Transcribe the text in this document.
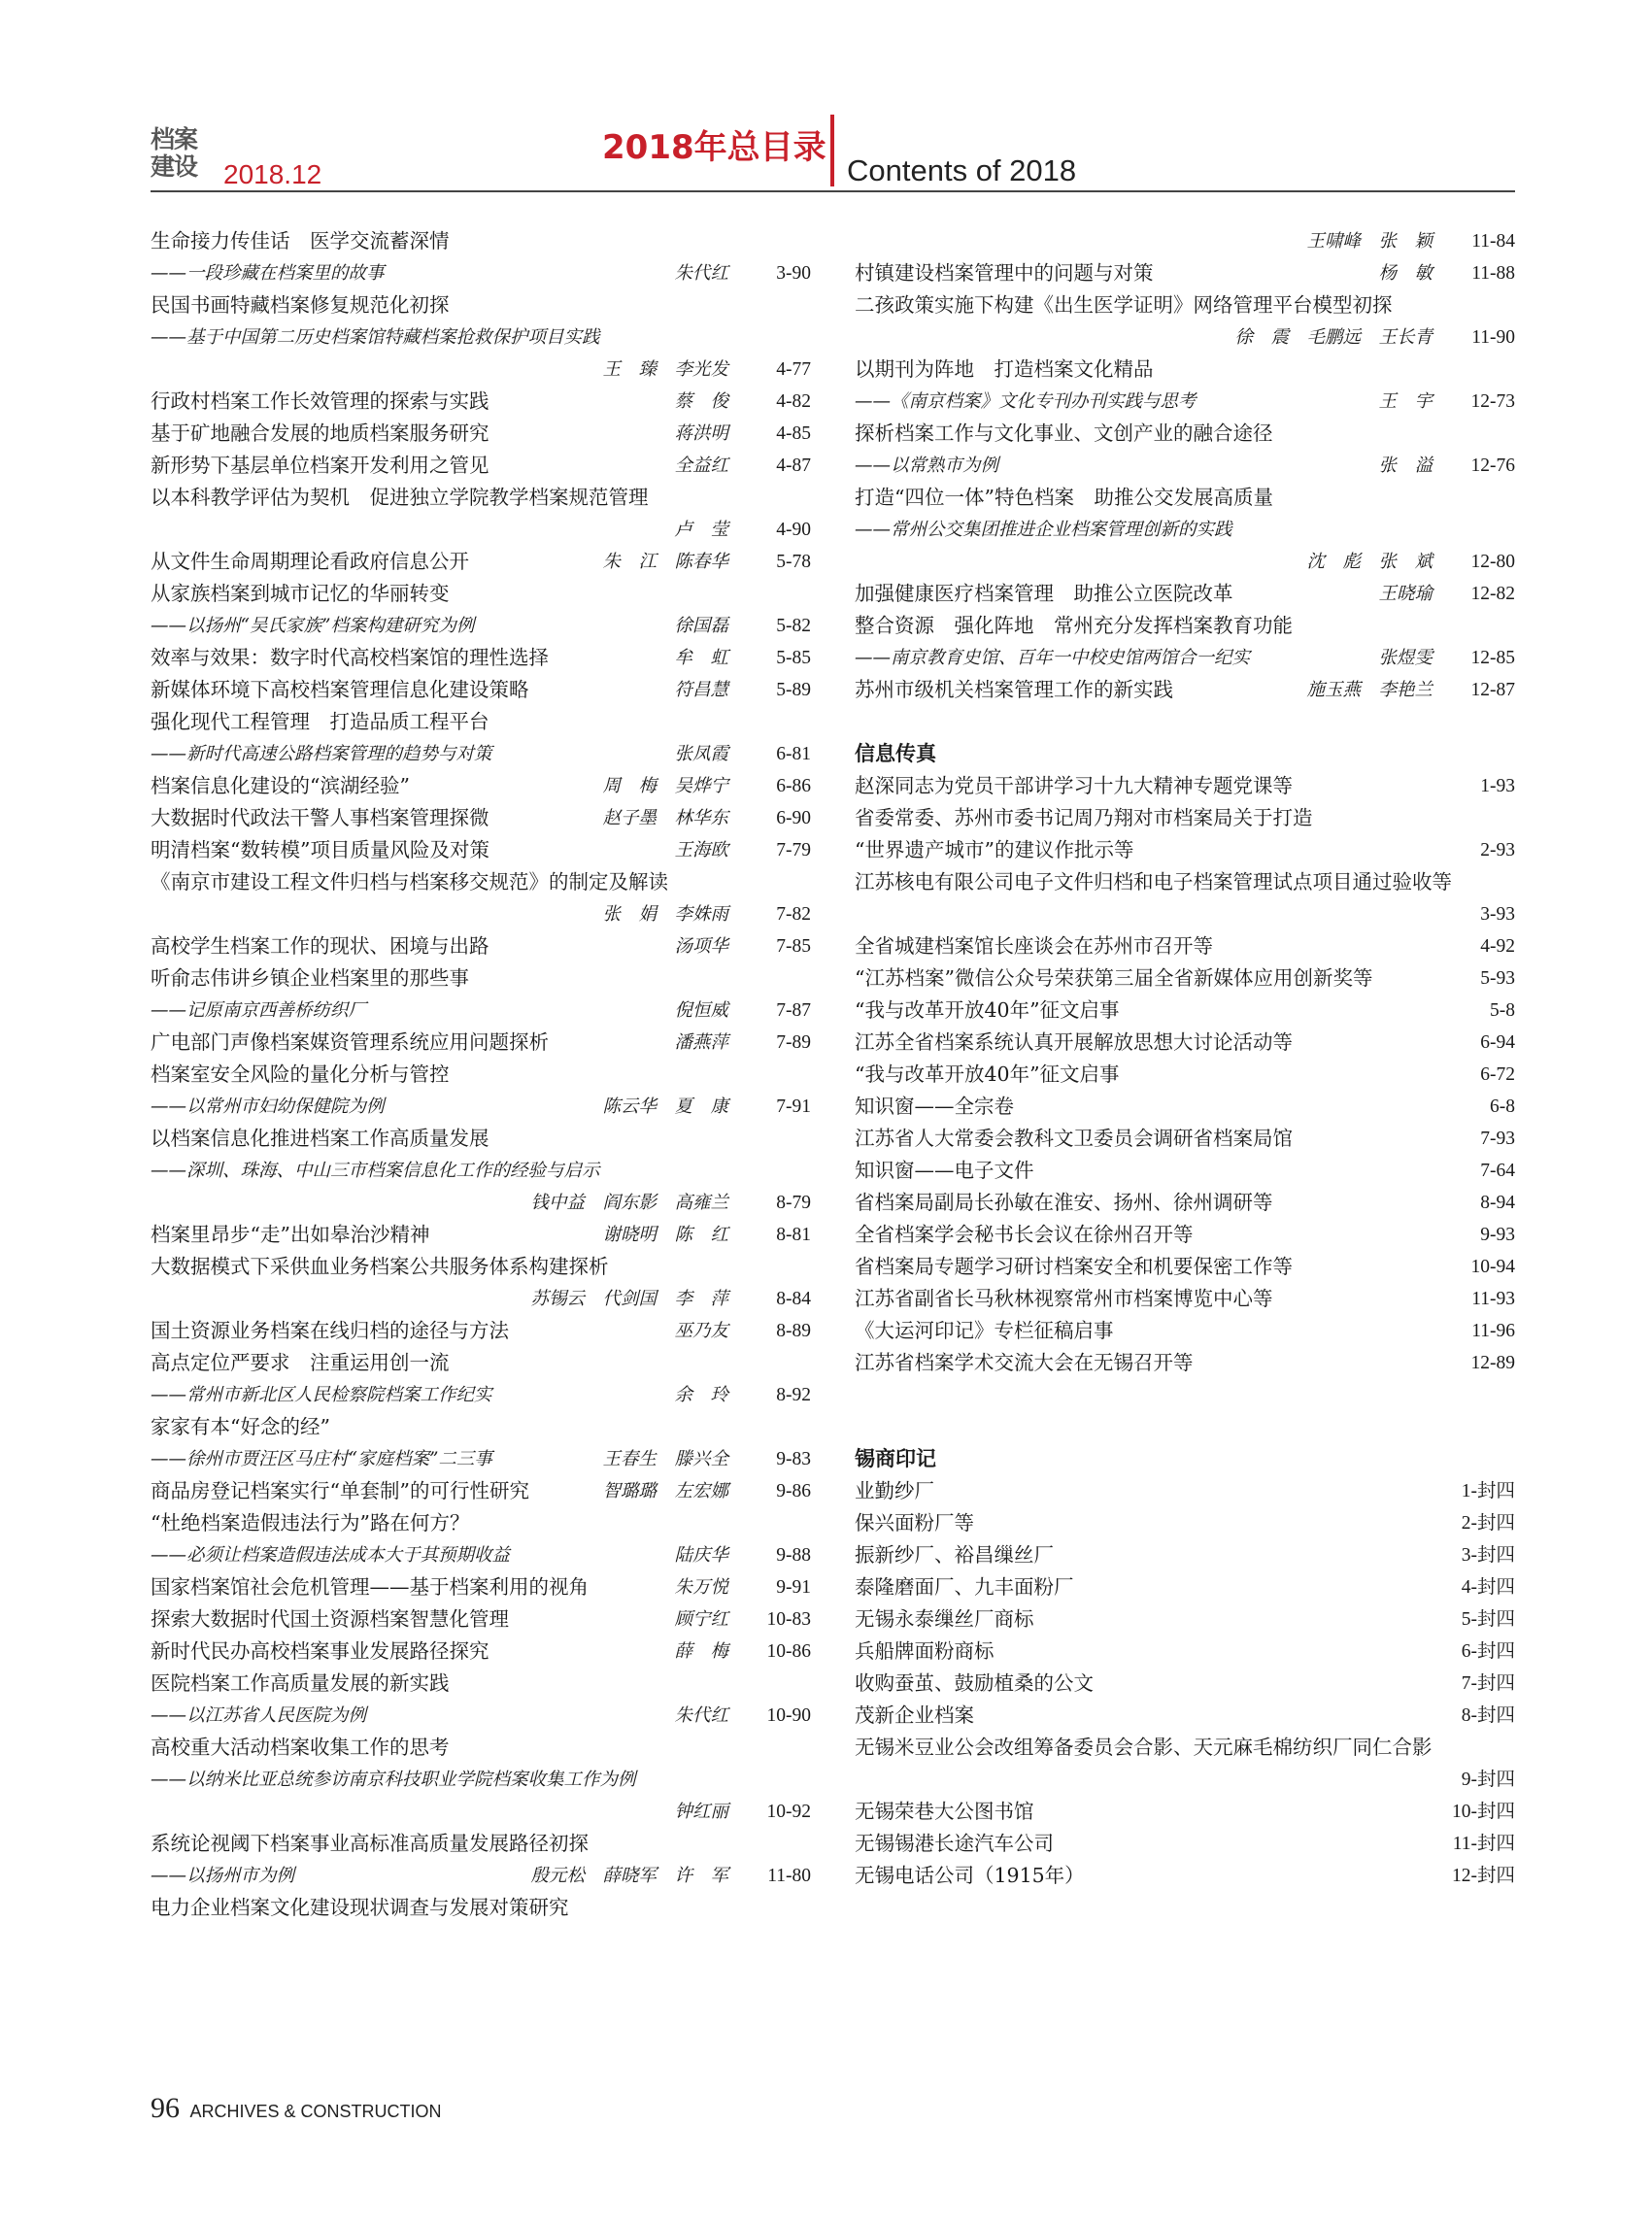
档案
建设 2018.12
2018年总目录
Contents of 2018
生命接力传佳话　医学交流蓄深情
——一段珍藏在档案里的故事	朱代红	3-90
民国书画特藏档案修复规范化初探
——基于中国第二历史档案馆特藏档案抢救保护项目实践
王　臻　李光发	4-77
行政村档案工作长效管理的探索与实践	蔡　俊	4-82
基于矿地融合发展的地质档案服务研究	蒋洪明	4-85
新形势下基层单位档案开发利用之管见	全益红	4-87
以本科教学评估为契机　促进独立学院教学档案规范管理
卢　莹	4-90
从文件生命周期理论看政府信息公开	朱　江　陈春华	5-78
从家族档案到城市记忆的华丽转变
——以扬州“吴氏家族”档案构建研究为例	徐国磊	5-82
效率与效果：数字时代高校档案馆的理性选择	牟　虹	5-85
新媒体环境下高校档案管理信息化建设策略	符昌慧	5-89
强化现代工程管理　打造品质工程平台
——新时代高速公路档案管理的趋势与对策	张凤霞	6-81
档案信息化建设的“滨湖经验”	周　梅　吴烨宁	6-86
大数据时代政法干警人事档案管理探微	赵子墨　林华东	6-90
明清档案“数转模”项目质量风险及对策	王海欧	7-79
《南京市建设工程文件归档与档案移交规范》的制定及解读
张　娟　李姝雨	7-82
高校学生档案工作的现状、困境与出路	汤项华	7-85
听俞志伟讲乡镇企业档案里的那些事
——记原南京西善桥纺织厂	倪恒威	7-87
广电部门声像档案媒资管理系统应用问题探析	潘燕萍	7-89
档案室安全风险的量化分析与管控
——以常州市妇幼保健院为例	陈云华　夏　康	7-91
以档案信息化推进档案工作高质量发展
——深圳、珠海、中山三市档案信息化工作的经验与启示
钱中益　阎东影　高雍兰	8-79
档案里昂步“走”出如皋治沙精神	谢晓明　陈　红	8-81
大数据模式下采供血业务档案公共服务体系构建探析
苏锡云　代剑国　李　萍	8-84
国土资源业务档案在线归档的途径与方法	巫乃友	8-89
高点定位严要求　注重运用创一流
——常州市新北区人民检察院档案工作纪实	余　玲	8-92
家家有本“好念的经”
——徐州市贾汪区马庄村“家庭档案”二三事	王春生　滕兴全	9-83
商品房登记档案实行“单套制”的可行性研究	智璐璐　左宏娜	9-86
“杜绝档案造假违法行为”路在何方？
——必须让档案造假违法成本大于其预期收益	陆庆华	9-88
国家档案馆社会危机管理——基于档案利用的视角	朱万悦	9-91
探索大数据时代国土资源档案智慧化管理	顾宁红 10-83
新时代民办高校档案事业发展路径探究	薛　梅 10-86
医院档案工作高质量发展的新实践
——以江苏省人民医院为例	朱代红 10-90
高校重大活动档案收集工作的思考
——以纳米比亚总统参访南京科技职业学院档案收集工作为例
钟红丽 10-92
系统论视阈下档案事业高标准高质量发展路径初探
——以扬州市为例	殷元松　薛晓军　许　军 11-80
电力企业档案文化建设现状调查与发展对策研究
王啸峰　张　颖 11-84
村镇建设档案管理中的问题与对策	杨　敏 11-88
二孩政策实施下构建《出生医学证明》网络管理平台模型初探
徐　震　毛鹏远　王长青 11-90
以期刊为阵地　打造档案文化精品
——《南京档案》文化专刊办刊实践与思考	王　宇 12-73
探析档案工作与文化事业、文创产业的融合途径
——以常熟市为例	张　溢 12-76
打造“四位一体”特色档案　助推公交发展高质量
——常州公交集团推进企业档案管理创新的实践
沈　彪　张　斌 12-80
加强健康医疗档案管理　助推公立医院改革	王晓瑜 12-82
整合资源　强化阵地　常州充分发挥档案教育功能
——南京教育史馆、百年一中校史馆两馆合一纪实	张煜雯 12-85
苏州市级机关档案管理工作的新实践	施玉燕　李艳兰 12-87
信息传真
赵深同志为党员干部讲学习十九大精神专题党课等	1-93
省委常委、苏州市委书记周乃翔对市档案局关于打造
“世界遗产城市”的建议作批示等	2-93
江苏核电有限公司电子文件归档和电子档案管理试点项目通过验收等
3-93
全省城建档案馆长座谈会在苏州市召开等	4-92
“江苏档案”微信公众号荣获第三届全省新媒体应用创新奖等	5-93
“我与改革开放40年”征文启事	5-8
江苏全省档案系统认真开展解放思想大讨论活动等	6-94
“我与改革开放40年”征文启事	6-72
知识窗——全宗卷	6-8
江苏省人大常委会教科文卫委员会调研省档案局馆	7-93
知识窗——电子文件	7-64
省档案局副局长孙敏在淮安、扬州、徐州调研等	8-94
全省档案学会秘书长会议在徐州召开等	9-93
省档案局专题学习研讨档案安全和机要保密工作等	10-94
江苏省副省长马秋林视察常州市档案博览中心等	11-93
《大运河印记》专栏征稿启事	11-96
江苏省档案学术交流大会在无锡召开等	12-89
锡商印记
业勤纱厂	1-封四
保兴面粉厂等	2-封四
振新纱厂、裕昌缫丝厂	3-封四
泰隆磨面厂、九丰面粉厂	4-封四
无锡永泰缫丝厂商标	5-封四
兵船牌面粉商标	6-封四
收购蚕茧、鼓励植桑的公文	7-封四
茂新企业档案	8-封四
无锡米豆业公会改组筹备委员会合影、天元麻毛棉纺织厂同仁合影
9-封四
无锡荣巷大公图书馆	10-封四
无锡锡港长途汽车公司	11-封四
无锡电话公司（1915年）	12-封四
96 ARCHIVES & CONSTRUCTION
